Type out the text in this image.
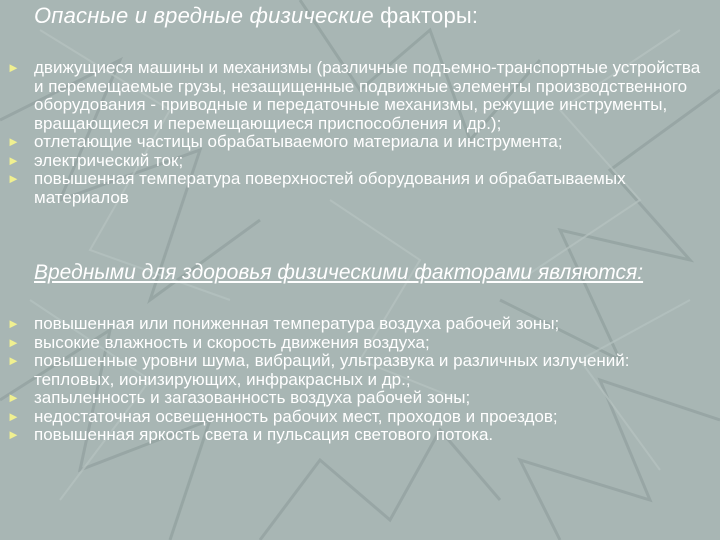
Опасные и вредные физические факторы:
► движущиеся машины и механизмы (различные подъемно-транспортные устройства и перемещаемые грузы, незащищенные подвижные элементы производственного оборудования - приводные и передаточные механизмы, режущие инструменты, вращающиеся и перемещающиеся приспособления и др.);
► отлетающие частицы обрабатываемого материала и инструмента;
► электрический ток;
► повышенная температура поверхностей оборудования и обрабатываемых материалов
Вредными для здоровья физическими факторами являются:
► повышенная или пониженная температура воздуха рабочей зоны;
► высокие влажность и скорость движения воздуха;
► повышенные уровни шума, вибраций, ультразвука и различных излучений: тепловых, ионизирующих, инфракрасных и др.;
► запыленность и загазованность воздуха рабочей зоны;
► недостаточная освещенность рабочих мест, проходов и проездов;
► повышенная яркость света и пульсация светового потока.
